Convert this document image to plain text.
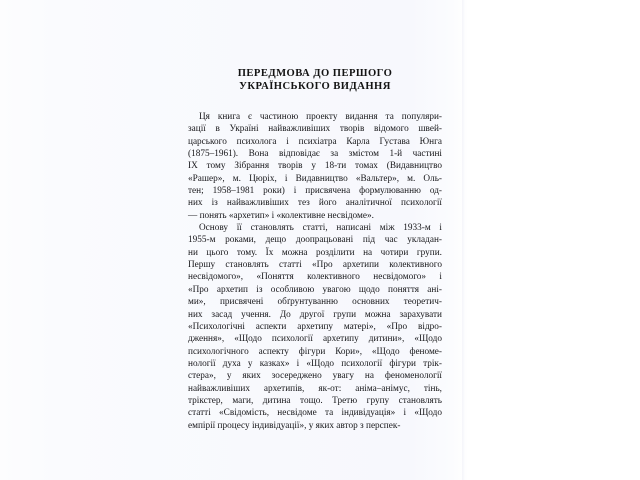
ПЕРЕДМОВА ДО ПЕРШОГО
УКРАЇНСЬКОГО ВИДАННЯ

Ця книга є частиною проекту видання та популяри-
зації в Україні найважливіших творів відомого швей-
царського психолога і психіатра Карла Густава Юнга
(1875–1961). Вона відповідає за змістом 1-й частині
IX тому Зібрання творів у 18-ти томах (Видавництво
«Рашер», м. Цюріх, і Видавництво «Вальтер», м. Оль-
тен; 1958–1981 роки) і присвячена формулюванню од-
них із найважливіших тез його аналітичної психології
— понять «архетип» і «колективне несвідоме».
Основу її становлять статті, написані між 1933-м і
1955-м роками, дещо доопрацьовані під час укладан-
ни цього тому. Їх можна розділити на чотири групи.
Першу становлять статті «Про архетипи колективного
несвідомого», «Поняття колективного несвідомого» і
«Про архетип із особливою увагою щодо поняття ані-
ми», присвячені обґрунтуванню основних теоретич-
них засад учення. До другої групи можна зарахувати
«Психологічні аспекти архетипу матері», «Про відро-
дження», «Щодо психології архетипу дитини», «Щодо
психологічного аспекту фігури Кори», «Щодо феноме-
нології духа у казках» і «Щодо психології фігури трік-
стера», у яких зосереджено увагу на феноменології
найважливіших архетипів, як-от: аніма–анімус, тінь,
трікстер, маги, дитина тощо. Третю групу становлять
статті «Свідомість, несвідоме та індивідуація» і «Щодо
емпірії процесу індивідуації», у яких автор з перспек-
